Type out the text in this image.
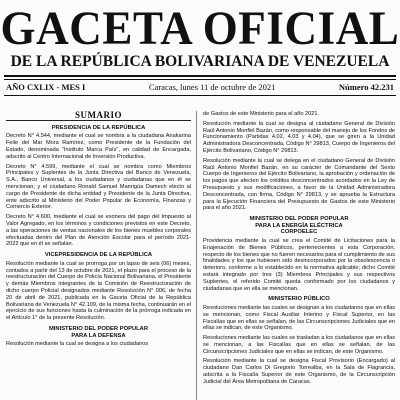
GACETA OFICIAL
DE LA REPÚBLICA BOLIVARIANA DE VENEZUELA
AÑO CXLIX - MES I	Caracas, lunes 11 de octubre de 2021	Número 42.231
SUMARIO
PRESIDENCIA DE LA REPÚBLICA

Decreto N° 4.544, mediante el cual se nombra a la ciudadana Anakarina Feile del Mar Mora Ramírez, como Presidente de la Fundación del Estado, denominada "Instituto Marca País", en calidad de Encargada, adscrito al Centro Internacional de Inversión Productiva.

Decreto N° 4.599, mediante el cual se nombra como Miembros Principales y Suplentes de la Junta Directiva del Banco de Venezuela, S.A., Banco Universal, a los ciudadanos y ciudadanas que en él se mencionan; y el ciudadano Ronald Samuel Manrigúa Damech electo al cargo de Presidente de dicha entidad y Presidente de la Junta Directiva, ente adscrito al Ministerio del Poder Popular de Economía, Finanzas y Comercio Exterior.

Decreto N° 4.600, mediante el cual se exonera del pago del Impuesto al Valor Agregado, en los términos y condiciones previstos en este Decreto, a las operaciones de ventas nacionales de los bienes muebles corporales efectuadas dentro del Plan de Atención Escolar para el período 2021-2022 que en él se señalan.

VICEPRESIDENCIA DE LA REPÚBLICA

Resolución mediante la cual se prorroga por un lapso de seis (06) meses, contados a partir del 13 de octubre de 2021, el plazo para el proceso de la reestructuración del Cuerpo de Policía Nacional Bolivariana, el Presidente y demás Miembros integrantes de la Comisión de Reestructuración de dicho cuerpo Policial designados mediante Resolución N° 006, de fecha 20 de abril de 2021, publicada en la Gaceta Oficial de la República Bolivariana de Venezuela N° 42.109, de la misma fecha, continuarán en el ejercicio de sus funciones hasta la culminación de la prórroga indicada en el Artículo 1° de la presente Resolución.

MINISTERIO DEL PODER POPULAR
PARA LA DEFENSA

Resolución mediante la cual se designa a los ciudadanos

de Gastos de este Ministerio para el año 2021.

Resolución mediante la cual se designa al ciudadano General de División Raúl Antonio Monfiel Bazán, como responsable del manejo de los Fondos de Funcionamiento (Partidas 4.02, 4.03 y 4.04), que se giren a la Unidad Administradora Desconcentrada, Código N° 29813, Cuerpo de Ingenieros del Ejército Bolivariano, Código N° 29813.

Resolución mediante la cual se delega en el ciudadano General de División Raúl Antonio Monfiel Bazán, en su carácter de Comandante del Sexto Cuerpo de Ingenieros del Ejército Bolivariano, la aprobación y ordenación de los pagos que afecten los créditos desconcentrados acordados en la Ley de Presupuesto y sus modificaciones, a favor de la Unidad Administradora Desconcentrada, con firma, Código N° 29813, y se aprueba la Estructura para la Ejecución Financiera del Presupuesto de Gastos de este Ministerio para el año 2021.

MINISTERIO DEL PODER POPULAR
PARA LA ENERGÍA ELÉCTRICA
CORPOELEC

Providencia mediante la cual se crea el Comité de Licitaciones para la Enajenación de Bienes Públicos, pertenecientes a esta Corporación, respecto de los bienes que no fueren necesarios para el cumplimiento de sus finalidades y los que hubiesen sido desincorporados por la obsolescencia o deterioro, conforme a lo establecido en la normativa aplicable; dicho Comité estará integrado por tres (3) Miembros Principales y sus respectivos Suplentes, el referido Comité queda conformado por los ciudadanos y ciudadanas que en ella se mencionan.

MINISTERIO PÚBLICO

Resoluciones mediante las cuales se designan a los ciudadanos que en ellas se mencionan, como Fiscal Auxiliar Interino y Fiscal Superior, en las Fiscalías que en ellas se señalan, de las Circunscripciones Judiciales que en ellas se indican, de este Organismo.

Resoluciones mediante las cuales se trasladan a los ciudadanos que en ellas se mencionan, a las Fiscalías que en ellas se señalan, de las Circunscripciones Judiciales que en ellas se indican, de este Organismo.

Resolución mediante la cual se designa Fiscal Provisorio (Encargado) al ciudadano Dan Carlos Di Gregorio Torrealba, en la Sala de Flagrancia, adscrita a la Fiscalía Superior de este Organismo, de la Circunscripción Judicial del Área Metropolitana de Caracas.
